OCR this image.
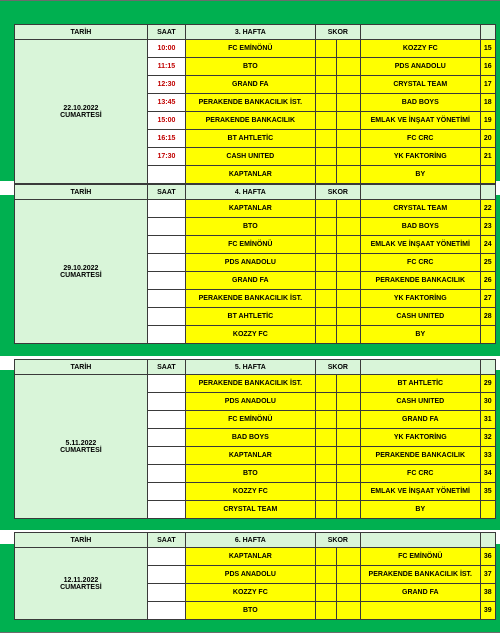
TARİH	SAAT	3. HAFTA	SKOR			

22.10.2022
CUMARTESİ	10:00	FC EMİNÖNÜ			KOZZY FC	15
	11:15	BTO			PDS ANADOLU	16
	12:30	GRAND FA			CRYSTAL TEAM	17
	13:45	PERAKENDE BANKACILIK İST.			BAD BOYS	18
	15:00	PERAKENDE BANKACILIK			EMLAK VE İNŞAAT YÖNETİMİ	19
	16:15	BT AHTLETİC			FC CRC	20
	17:30	CASH UNITED			YK FAKTORİNG	21
		KAPTANLAR			BY	
TARİH	SAAT	4. HAFTA	SKOR			

29.10.2022
CUMARTESİ		KAPTANLAR			CRYSTAL TEAM	22
		BTO			BAD BOYS	23
		FC EMİNÖNÜ			EMLAK VE İNŞAAT YÖNETİMİ	24
		PDS ANADOLU			FC CRC	25
		GRAND FA			PERAKENDE BANKACILIK	26
		PERAKENDE BANKACILIK İST.			YK FAKTORİNG	27
		BT AHTLETİC			CASH UNITED	28
		KOZZY FC			BY	
TARİH	SAAT	5. HAFTA	SKOR			

5.11.2022
CUMARTESİ		PERAKENDE BANKACILIK İST.			BT AHTLETİC	29
		PDS ANADOLU			CASH UNITED	30
		FC EMİNÖNÜ			GRAND FA	31
		BAD BOYS			YK FAKTORİNG	32
		KAPTANLAR			PERAKENDE BANKACILIK	33
		BTO			FC CRC	34
		KOZZY FC			EMLAK VE İNŞAAT YÖNETİMİ	35
		CRYSTAL TEAM			BY	
TARİH	SAAT	6. HAFTA	SKOR			

12.11.2022
CUMARTESİ		KAPTANLAR			FC EMİNÖNÜ	36
		PDS ANADOLU			PERAKENDE BANKACILIK İST.	37
		KOZZY FC			GRAND FA	38
		BTO				39
